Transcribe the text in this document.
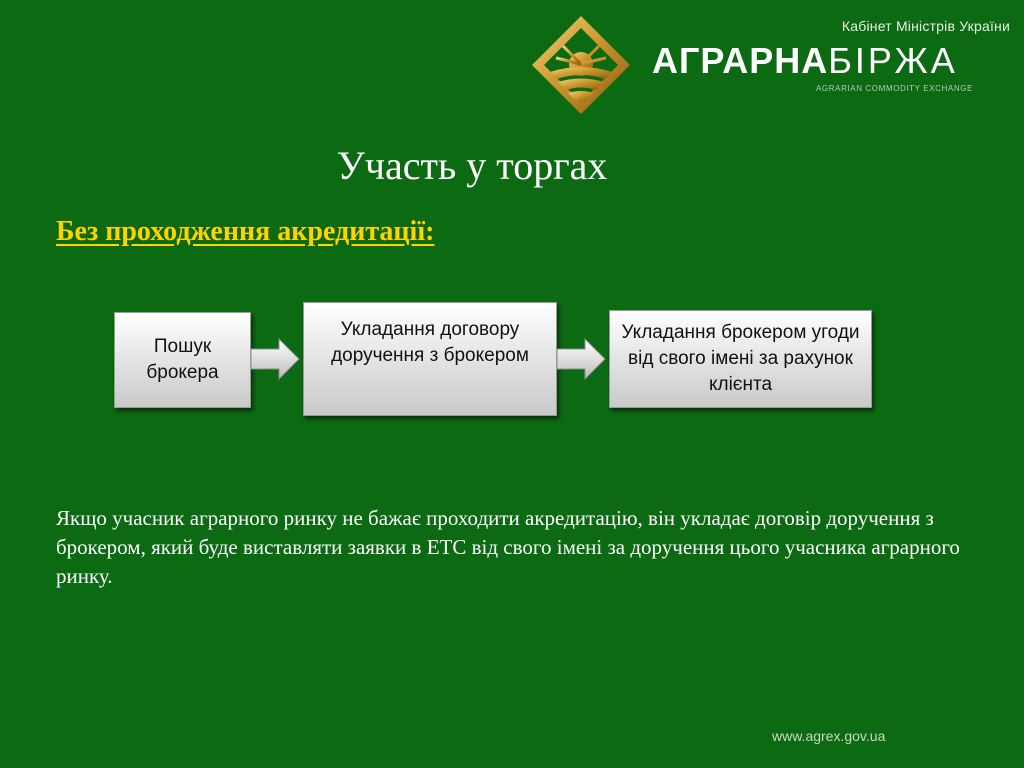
Кабінет Міністрів України
АГРАРНАБІРЖА
AGRARIAN COMMODITY EXCHANGE
Участь у торгах
Без проходження акредитації:
Пошук брокера
Укладання договору доручення з брокером
Укладання брокером угоди від свого імені за рахунок клієнта
Якщо учасник аграрного ринку не бажає проходити акредитацію, він укладає договір доручення з брокером, який буде виставляти заявки в ЕТС від свого імені за доручення цього учасника аграрного ринку.
www.agrex.gov.ua
